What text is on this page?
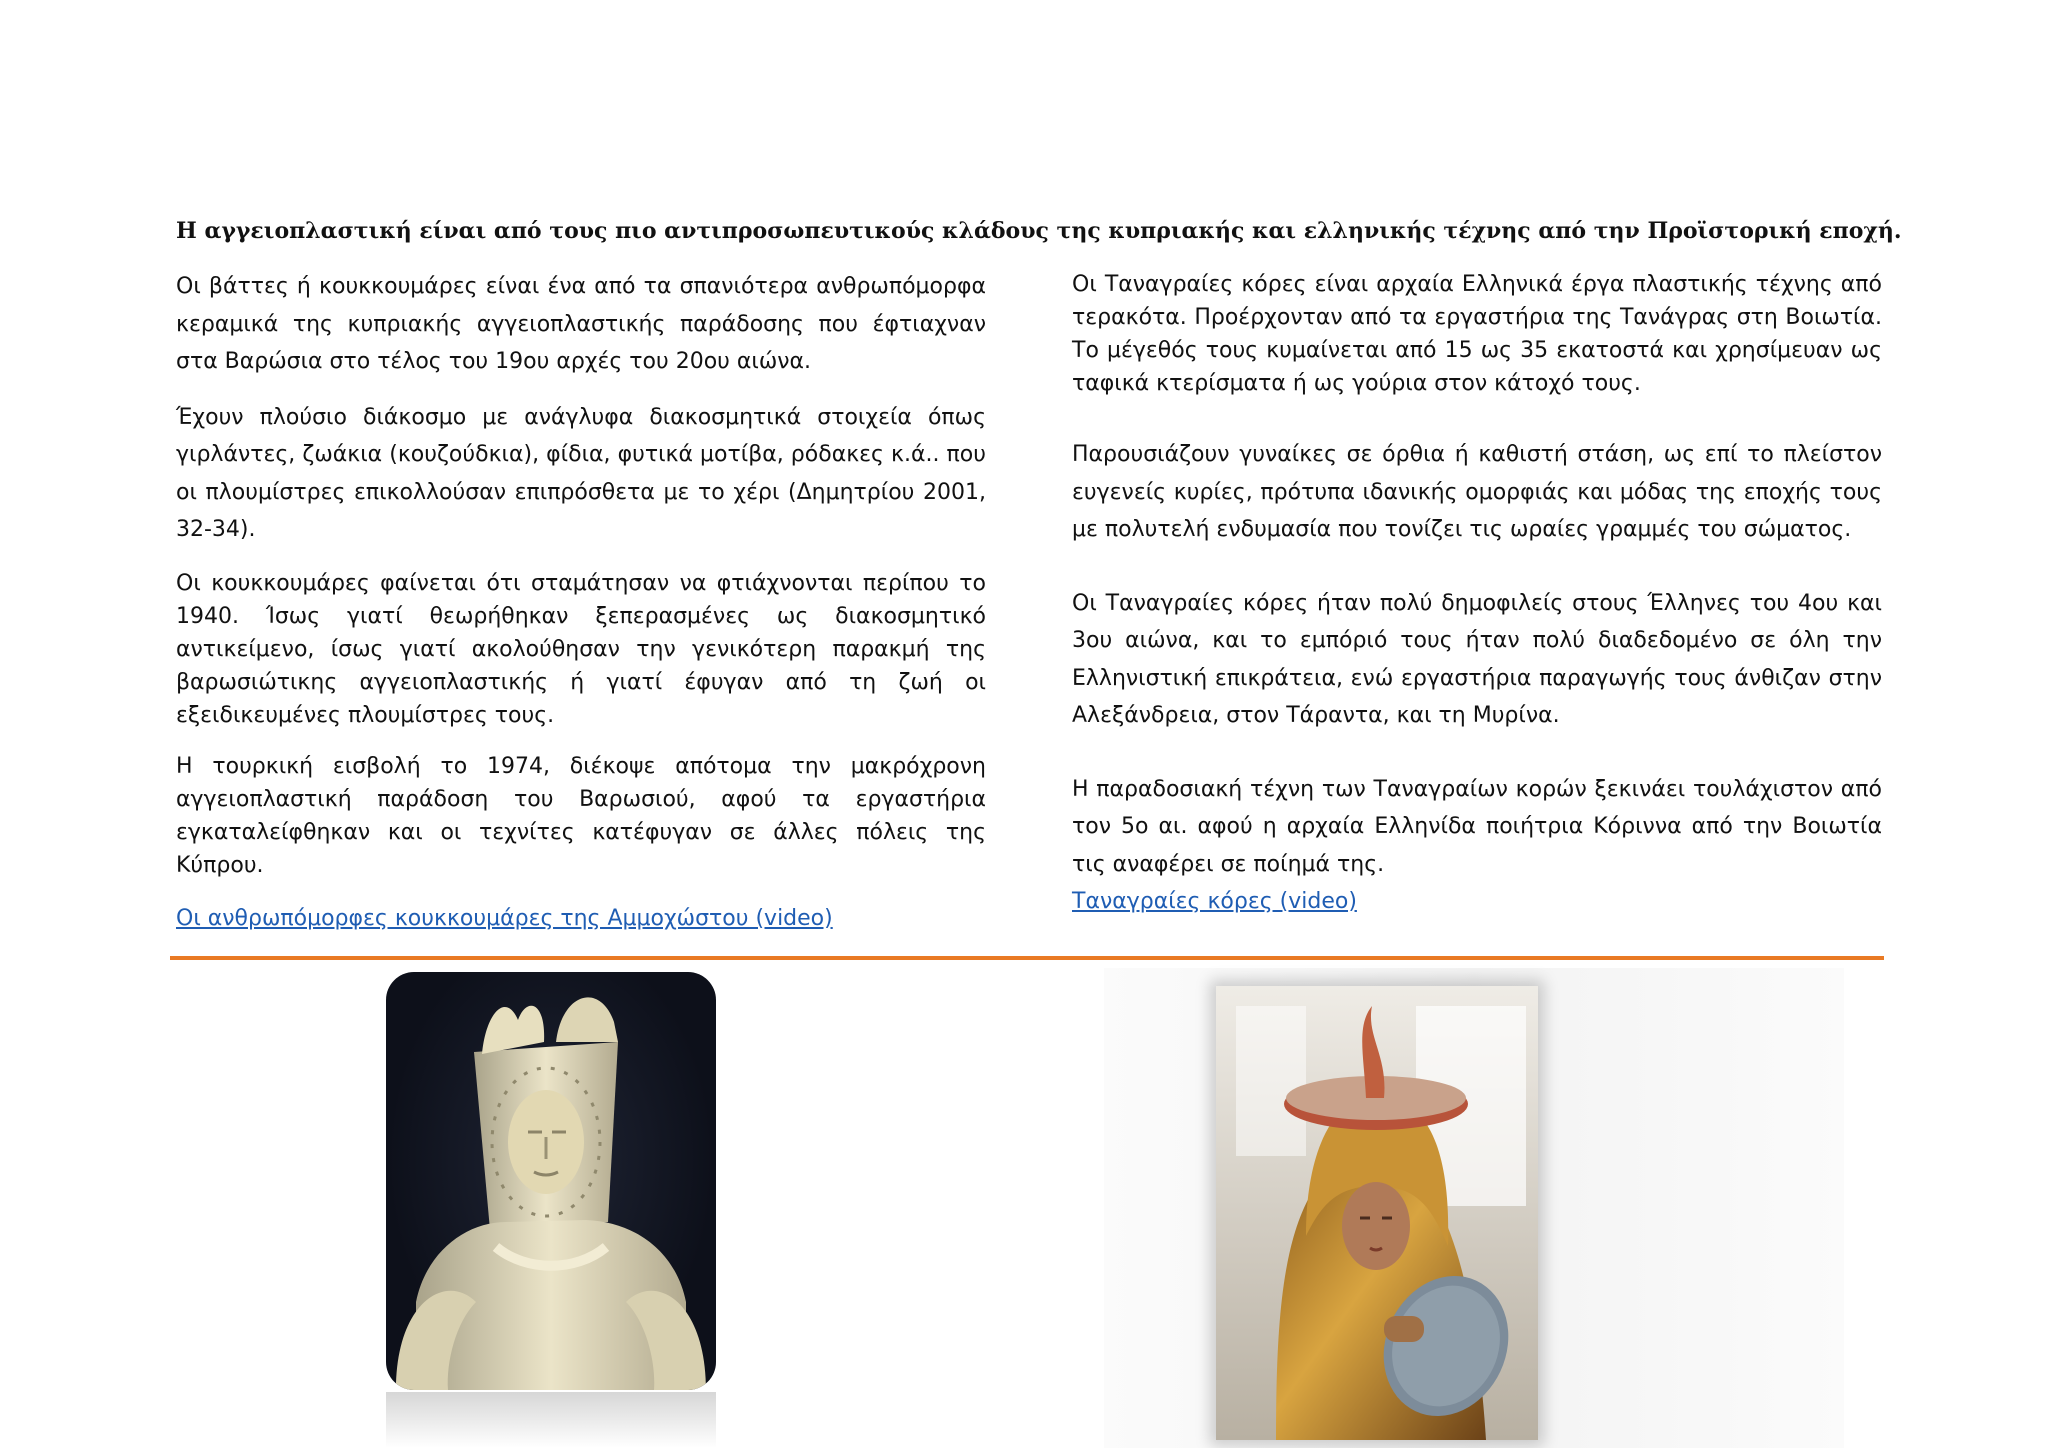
Η αγγειοπλαστική είναι από τους πιο αντιπροσωπευτικούς κλάδους της κυπριακής και ελληνικής τέχνης από την Προϊστορική εποχή.

Οι βάττες ή κουκκουμάρες είναι ένα από τα σπανιότερα ανθρωπόμορφα κεραμικά της κυπριακής αγγειοπλαστικής παράδοσης που έφτιαχναν στα Βαρώσια στο τέλος του 19ου αρχές του 20ου αιώνα.

Έχουν πλούσιο διάκοσμο με ανάγλυφα διακοσμητικά στοιχεία όπως γιρλάντες, ζωάκια (κουζούδκια), φίδια, φυτικά μοτίβα, ρόδακες κ.ά.. που οι πλουμίστρες επικολλούσαν επιπρόσθετα με το χέρι (Δημητρίου 2001, 32-34).

Οι κουκκουμάρες φαίνεται ότι σταμάτησαν να φτιάχνονται περίπου το 1940. Ίσως γιατί θεωρήθηκαν ξεπερασμένες ως διακοσμητικό αντικείμενο, ίσως γιατί ακολούθησαν την γενικότερη παρακμή της βαρωσιώτικης αγγειοπλαστικής ή γιατί έφυγαν από τη ζωή οι εξειδικευμένες πλουμίστρες τους.

Η τουρκική εισβολή το 1974, διέκοψε απότομα την μακρόχρονη αγγειοπλαστική παράδοση του Βαρωσιού, αφού τα εργαστήρια εγκαταλείφθηκαν και οι τεχνίτες κατέφυγαν σε άλλες πόλεις της Κύπρου.

Οι ανθρωπόμορφες κουκκουμάρες της Αμμοχώστου (video)

Οι Ταναγραίες κόρες είναι αρχαία Ελληνικά έργα πλαστικής τέχνης από τερακότα. Προέρχονταν από τα εργαστήρια της Τανάγρας στη Βοιωτία. Το μέγεθός τους κυμαίνεται από 15 ως 35 εκατοστά και χρησίμευαν ως ταφικά κτερίσματα ή ως γούρια στον κάτοχό τους.

Παρουσιάζουν γυναίκες σε όρθια ή καθιστή στάση, ως επί το πλείστον ευγενείς κυρίες, πρότυπα ιδανικής ομορφιάς και μόδας της εποχής τους με πολυτελή ενδυμασία που τονίζει τις ωραίες γραμμές του σώματος.

Οι Ταναγραίες κόρες ήταν πολύ δημοφιλείς στους Έλληνες του 4ου και 3ου αιώνα, και το εμπόριό τους ήταν πολύ διαδεδομένο σε όλη την Ελληνιστική επικράτεια, ενώ εργαστήρια παραγωγής τους άνθιζαν στην Αλεξάνδρεια, στον Τάραντα, και τη Μυρίνα.

Η παραδοσιακή τέχνη των Ταναγραίων κορών ξεκινάει τουλάχιστον από τον 5ο αι. αφού η αρχαία Ελληνίδα ποιήτρια Κόριννα από την Βοιωτία τις αναφέρει σε ποίημά της.

Ταναγραίες κόρες (video)
